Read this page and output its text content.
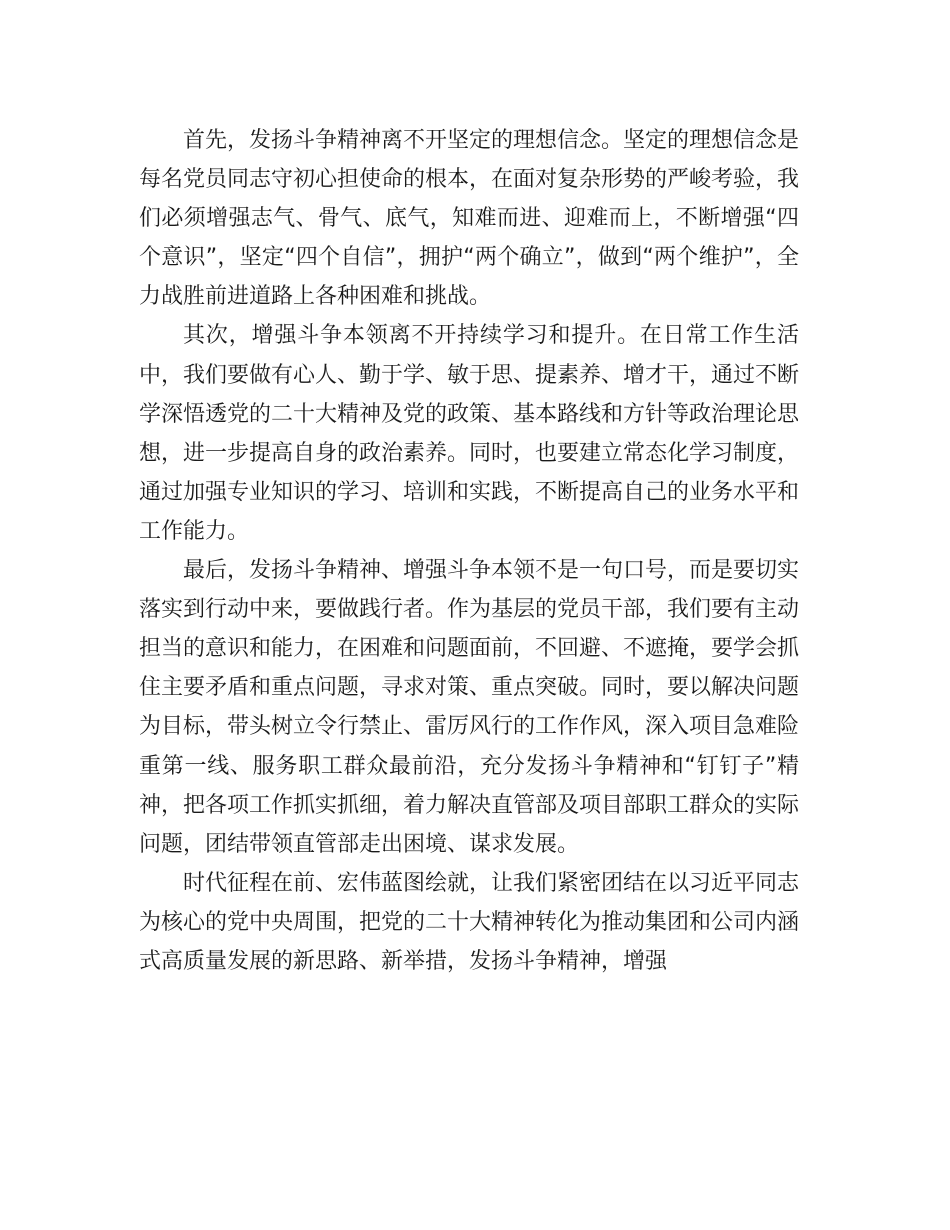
首先，发扬斗争精神离不开坚定的理想信念。坚定的理想信念是每名党员同志守初心担使命的根本，在面对复杂形势的严峻考验，我们必须增强志气、骨气、底气，知难而进、迎难而上，不断增强“四个意识”，坚定“四个自信”，拥护“两个确立”，做到“两个维护”，全力战胜前进道路上各种困难和挑战。

其次，增强斗争本领离不开持续学习和提升。在日常工作生活中，我们要做有心人、勤于学、敏于思、提素养、增才干，通过不断学深悟透党的二十大精神及党的政策、基本路线和方针等政治理论思想，进一步提高自身的政治素养。同时，也要建立常态化学习制度，通过加强专业知识的学习、培训和实践，不断提高自己的业务水平和工作能力。

最后，发扬斗争精神、增强斗争本领不是一句口号，而是要切实落实到行动中来，要做践行者。作为基层的党员干部，我们要有主动担当的意识和能力，在困难和问题面前，不回避、不遮掩，要学会抓住主要矛盾和重点问题，寻求对策、重点突破。同时，要以解决问题为目标，带头树立令行禁止、雷厉风行的工作作风，深入项目急难险重第一线、服务职工群众最前沿，充分发扬斗争精神和“钉钉子”精神，把各项工作抓实抓细，着力解决直管部及项目部职工群众的实际问题，团结带领直管部走出困境、谋求发展。

时代征程在前、宏伟蓝图绘就，让我们紧密团结在以习近平同志为核心的党中央周围，把党的二十大精神转化为推动集团和公司内涵式高质量发展的新思路、新举措，发扬斗争精神，增强
